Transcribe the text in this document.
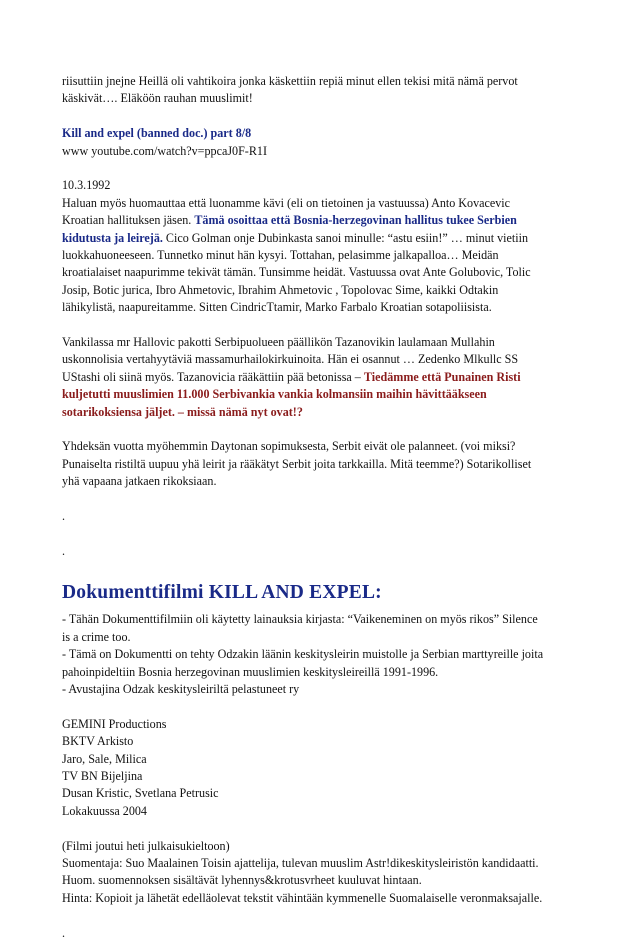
riisuttiin jnejne Heillä oli vahtikoira jonka käskettiin repiä minut ellen tekisi mitä nämä pervot

käskivät…. Eläköön rauhan muuslimit!

Kill and expel (banned doc.) part 8/8

www youtube.com/watch?v=ppcaJ0F-R1I

10.3.1992

Haluan myös huomauttaa että luonamme kävi (eli on tietoinen ja vastuussa) Anto Kovacevic

Kroatian hallituksen jäsen. Tämä osoittaa että Bosnia-herzegovinan hallitus tukee Serbien

kidutusta ja leirejä. Cico Golman onje Dubinkasta sanoi minulle: “astu esiin!” … minut vietiin

luokkahuoneeseen. Tunnetko minut hän kysyi. Tottahan, pelasimme jalkapalloa… Meidän

kroatialaiset naapurimme tekivät tämän. Tunsimme heidät. Vastuussa ovat Ante Golubovic, Tolic

Josip, Botic jurica, Ibro Ahmetovic, Ibrahim Ahmetovic , Topolovac Sime, kaikki Odtakin

lähikylistä, naapureitamme. Sitten CindricTtamir, Marko Farbalo Kroatian sotapoliisista.

Vankilassa mr Hallovic pakotti Serbipuolueen päällikön Tazanovikin laulamaan Mullahin

uskonnolisia vertahyytäviä massamurhailokirkuinoita. Hän ei osannut … Zedenko Mlkullc SS

UStashi oli siinä myös. Tazanovicia rääkättiin pää betonissa – Tiedämme että Punainen Risti

kuljetutti muuslimien 11.000 Serbivankia vankia kolmansiin maihin hävittääkseen

sotarikoksiensa jäljet. – missä nämä nyt ovat!?

Yhdeksän vuotta myöhemmin Daytonan sopimuksesta, Serbit eivät ole palanneet. (voi miksi?

Punaiselta ristiltä uupuu yhä leirit ja rääkätyt Serbit joita tarkkailla. Mitä teemme?) Sotarikolliset

yhä vapaana jatkaen rikoksiaan.

.

.

Dokumenttifilmi KILL AND EXPEL:

- Tähän Dokumenttifilmiin oli käytetty lainauksia kirjasta: “Vaikeneminen on myös rikos” Silence

is a crime too.

- Tämä on Dokumentti on tehty Odzakin läänin keskitysleirin muistolle ja Serbian marttyreille joita

pahoinpideltiin Bosnia herzegovinan muuslimien keskitysleireillä 1991-1996.

- Avustajina Odzak keskitysleiriltä pelastuneet ry

GEMINI Productions

BKTV Arkisto

Jaro, Sale, Milica

TV BN Bijeljina

Dusan Kristic, Svetlana Petrusic

Lokakuussa 2004

(Filmi joutui heti julkaisukieltoon)

Suomentaja: Suo Maalainen Toisin ajattelija, tulevan muuslim Astr!dikeskitysleiristön kandidaatti.

Huom. suomennoksen sisältävät lyhennys&krotusvrheet kuuluvat hintaan.

Hinta: Kopioit ja lähetät edelläolevat tekstit vähintään kymmenelle Suomalaiselle veronmaksajalle.

.
